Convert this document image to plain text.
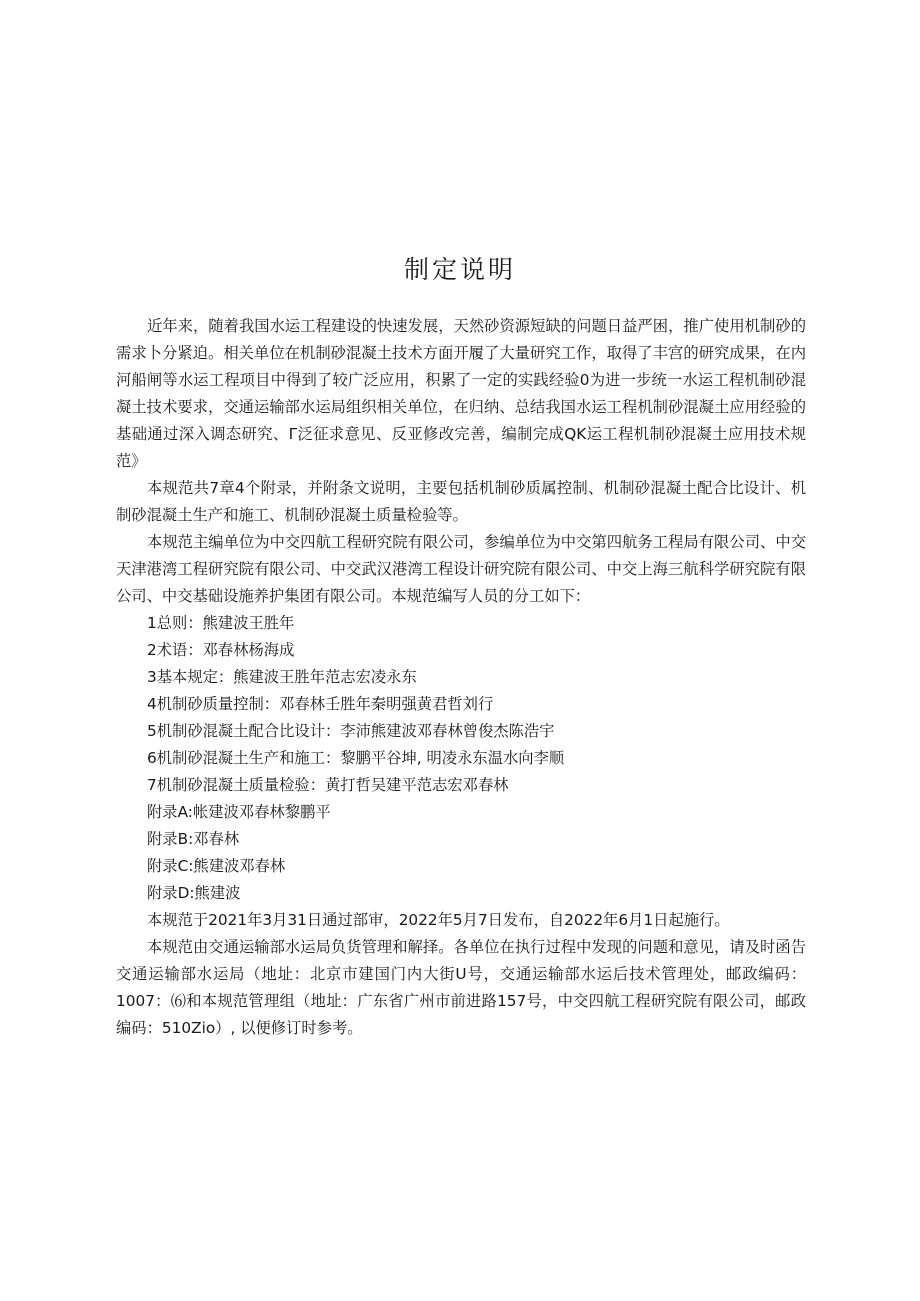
制定说明

近年来，随着我国水运工程建设的快速发展，天然砂资源短缺的问题日益严困，推广使用机制砂的需求卜分紧迫。相关单位在机制砂混凝土技术方面开履了大量研究工作，取得了丰宫的研究成果，在内河船闸等水运工程项目中得到了较广泛应用，积累了一定的实践经验0为进一步统一水运工程机制砂混凝土技术要求，交通运输部水运局组织相关单位，在归纳、总结我国水运工程机制砂混凝土应用经验的基础通过深入调态研究、Γ泛征求意见、反亚修改完善，编制完成QK运工程机制砂混凝土应用技术规范》

本规范共7章4个附录，并附条文说明，主要包括机制砂质属控制、机制砂混凝土配合比设计、机制砂混凝土生产和施工、机制砂混凝土质量检验等。

本规范主编单位为中交四航工程研究院有限公司，参编单位为中交第四航务工程局有限公司、中交天津港湾工程研究院有限公司、中交武汉港湾工程设计研究院有限公司、中交上海三航科学研究院有限公司、中交基础设施养护集团有限公司。本规范编写人员的分工如下：

1总则：熊建波王胜年

2术语：邓春林杨海成

3基本规定：熊建波王胜年范志宏凌永东

4机制砂质量控制：邓春林壬胜年秦明强黄君哲刘行

5机制砂混凝土配合比设计：李沛熊建波邓春林曾俊杰陈浩宇

6机制砂混凝土生产和施工：黎鹏平谷坤, 明凌永东温水向李顺

7机制砂混凝土质量检验：黄打哲吴建平范志宏邓春林

附录A:帐建波邓春林黎鹏平

附录B:邓春林

附录C:熊建波邓春林

附录D:熊建波

本规范于2021年3月31日通过部审，2022年5月7日发布，自2022年6月1日起施行。

本规范由交通运输部水运局负货管理和解择。各单位在执行过程中发现的问题和意见，请及时函告交通运输部水运局（地址：北京市建国门内大街U号，交通运输部水运后技术管理处，邮政编码：1007：⑹和本规范管理组（地址：广东省广州市前进路157号，中交四航工程研究院有限公司，邮政编码：510Zio）, 以便修订时参考。
